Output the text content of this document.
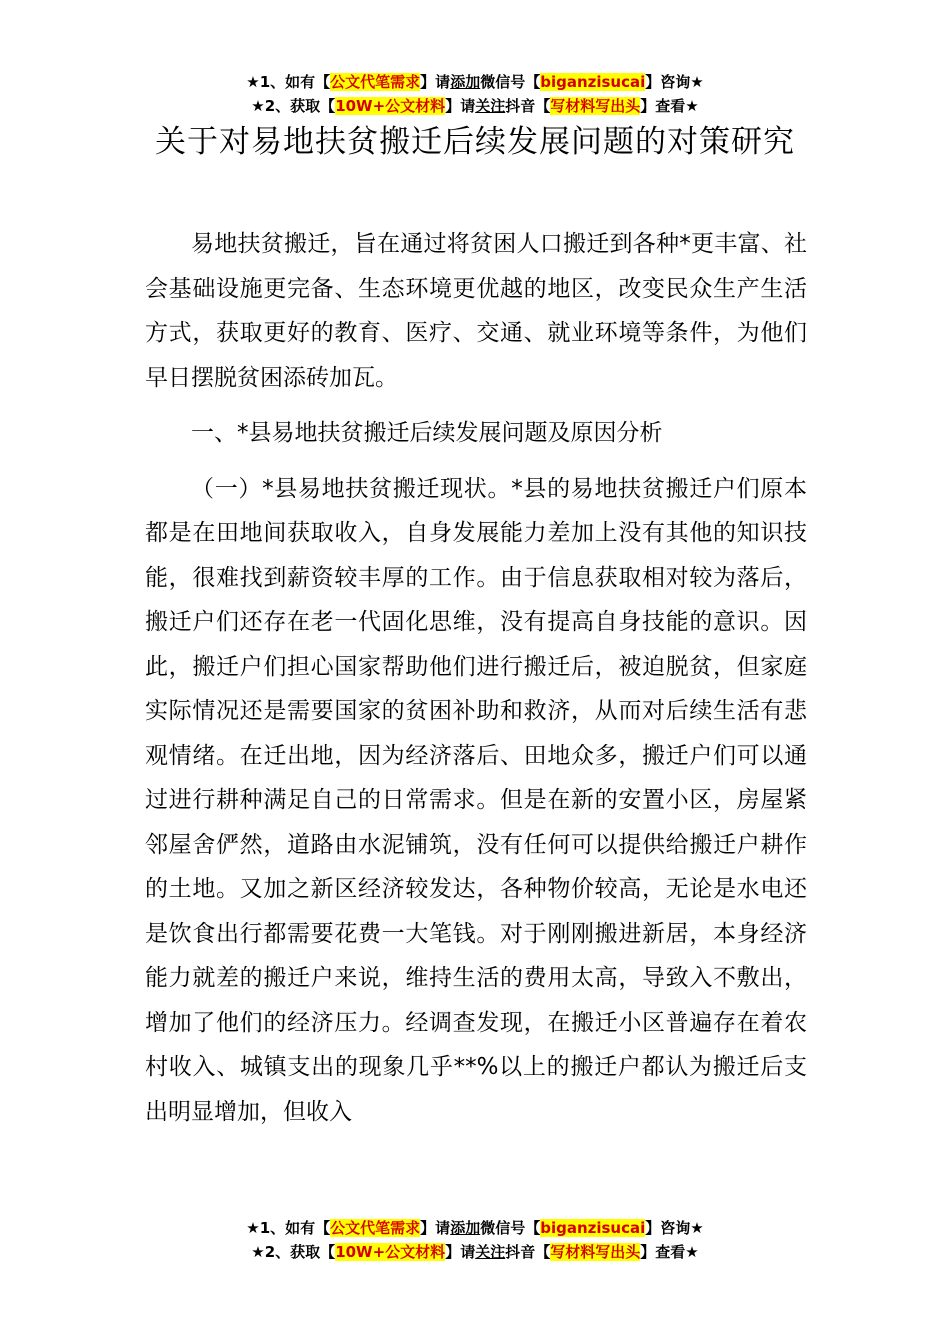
★1、如有【公文代笔需求】请添加微信号【biganzisucai】咨询★
★2、获取【10W+公文材料】请关注抖音【写材料写出头】查看★
关于对易地扶贫搬迁后续发展问题的对策研究

易地扶贫搬迁，旨在通过将贫困人口搬迁到各种*更丰富、社会基础设施更完备、生态环境更优越的地区，改变民众生产生活方式，获取更好的教育、医疗、交通、就业环境等条件，为他们早日摆脱贫困添砖加瓦。

一、*县易地扶贫搬迁后续发展问题及原因分析

（一）*县易地扶贫搬迁现状。*县的易地扶贫搬迁户们原本都是在田地间获取收入，自身发展能力差加上没有其他的知识技能，很难找到薪资较丰厚的工作。由于信息获取相对较为落后，搬迁户们还存在老一代固化思维，没有提高自身技能的意识。因此，搬迁户们担心国家帮助他们进行搬迁后，被迫脱贫，但家庭实际情况还是需要国家的贫困补助和救济，从而对后续生活有悲观情绪。在迁出地，因为经济落后、田地众多，搬迁户们可以通过进行耕种满足自己的日常需求。但是在新的安置小区，房屋紧邻屋舍俨然，道路由水泥铺筑，没有任何可以提供给搬迁户耕作的土地。又加之新区经济较发达，各种物价较高，无论是水电还是饮食出行都需要花费一大笔钱。对于刚刚搬进新居，本身经济能力就差的搬迁户来说，维持生活的费用太高，导致入不敷出，增加了他们的经济压力。经调查发现，在搬迁小区普遍存在着农村收入、城镇支出的现象几乎**%以上的搬迁户都认为搬迁后支出明显增加，但收入

★1、如有【公文代笔需求】请添加微信号【biganzisucai】咨询★
★2、获取【10W+公文材料】请关注抖音【写材料写出头】查看★
